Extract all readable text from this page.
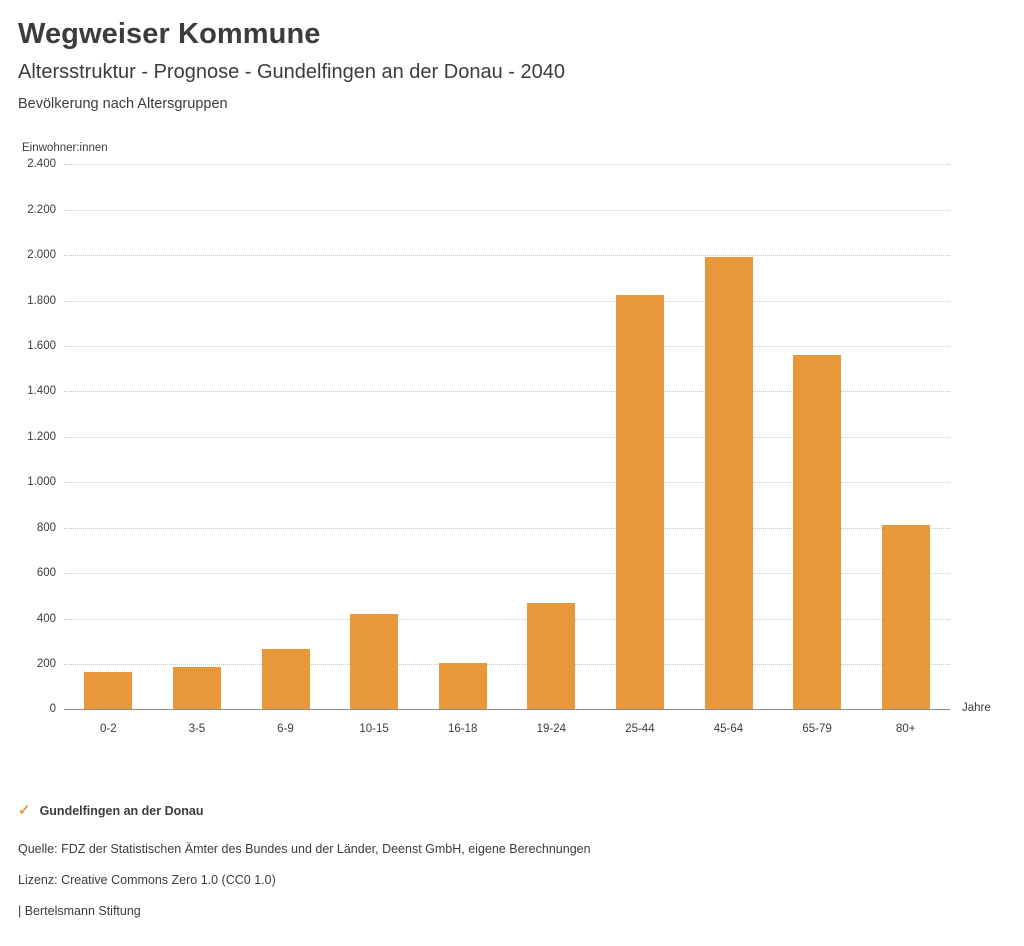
Wegweiser Kommune
Altersstruktur - Prognose - Gundelfingen an der Donau - 2040
Bevölkerung nach Altersgruppen
Einwohner:innen
0
200
400
600
800
1.000
1.200
1.400
1.600
1.800
2.000
2.200
2.400
0-2	3-5	6-9	10-15	16-18	19-24	25-44	45-64	65-79	80+
Jahre
✓ Gundelfingen an der Donau
Quelle: FDZ der Statistischen Ämter des Bundes und der Länder, Deenst GmbH, eigene Berechnungen
Lizenz: Creative Commons Zero 1.0 (CC0 1.0)
| Bertelsmann Stiftung
